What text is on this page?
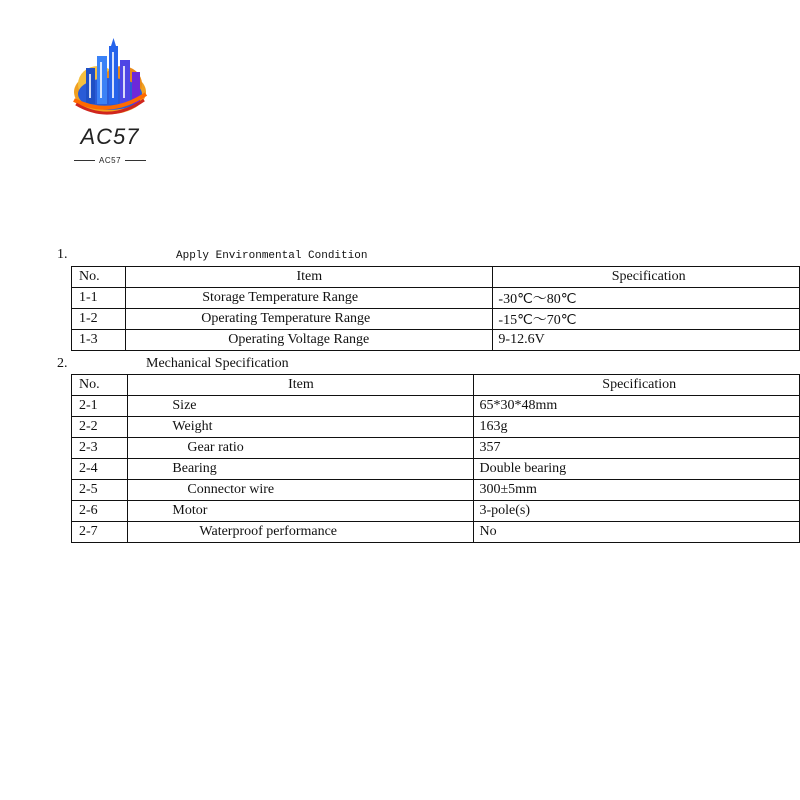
AC57
AC57
1.	Apply Environmental Condition
No.	Item	Specification
1-1	Storage Temperature Range	-30℃～80℃
1-2	Operating Temperature Range	-15℃～70℃
1-3	Operating Voltage Range	9-12.6V
2.	Mechanical Specification
No.	Item	Specification
2-1	Size	65*30*48mm
2-2	Weight	163g
2-3	Gear ratio	357
2-4	Bearing	Double bearing
2-5	Connector wire	300±5mm
2-6	Motor	3-pole(s)
2-7	Waterproof performance	No
